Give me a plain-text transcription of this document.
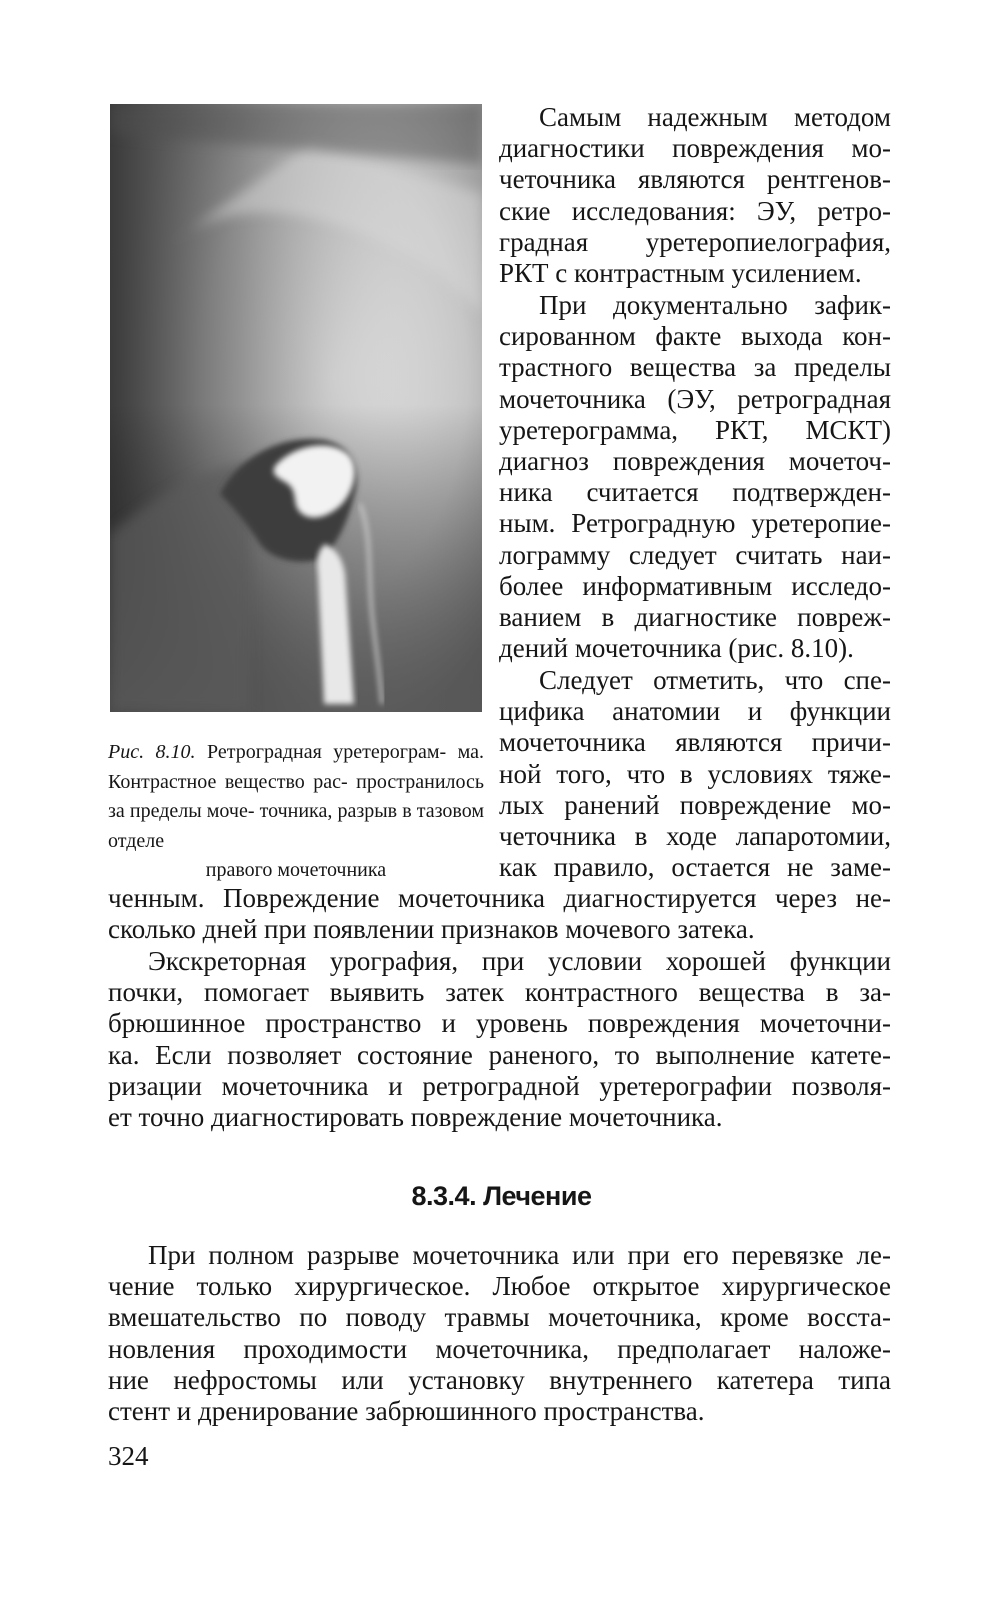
Рис. 8.10. Ретроградная уретерограм- ма. Контрастное вещество рас- пространилось за пределы моче- точника, разрыв в тазовом отделе
правого мочеточника
Самым надежным методом
диагностики повреждения мо-
четочника являются рентгенов-
ские исследования: ЭУ, ретро-
градная уретеропиелография,
РКТ с контрастным усилением.
При документально зафик-
сированном факте выхода кон-
трастного вещества за пределы
мочеточника (ЭУ, ретроградная
уретерограмма, РКТ, МСКТ)
диагноз повреждения мочеточ-
ника считается подтвержден-
ным. Ретроградную уретеропие-
лограмму следует считать наи-
более информативным исследо-
ванием в диагностике повреж-
дений мочеточника (рис. 8.10).
Следует отметить, что спе-
цифика анатомии и функции
мочеточника являются причи-
ной того, что в условиях тяже-
лых ранений повреждение мо-
четочника в ходе лапаротомии,
как правило, остается не заме-
ченным. Повреждение мочеточника диагностируется через не-
сколько дней при появлении признаков мочевого затека.
Экскреторная урография, при условии хорошей функции
почки, помогает выявить затек контрастного вещества в за-
брюшинное пространство и уровень повреждения мочеточни-
ка. Если позволяет состояние раненого, то выполнение катете-
ризации мочеточника и ретроградной уретерографии позволя-
ет точно диагностировать повреждение мочеточника.
8.3.4. Лечение
При полном разрыве мочеточника или при его перевязке ле-
чение только хирургическое. Любое открытое хирургическое
вмешательство по поводу травмы мочеточника, кроме восста-
новления проходимости мочеточника, предполагает наложе-
ние нефростомы или установку внутреннего катетера типа
стент и дренирование забрюшинного пространства.
324
